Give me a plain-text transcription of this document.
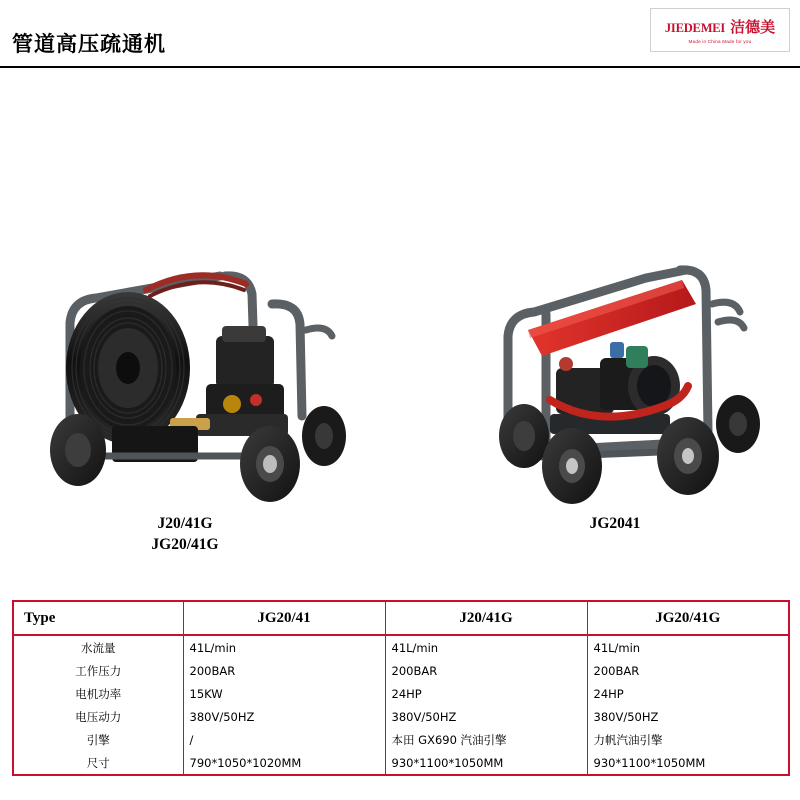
管道高压疏通机
JIEDEMEI 洁德美
Made in China Made for you
J20/41G
JG20/41G
JG2041
Type	JG20/41	J20/41G	JG20/41G
水流量	41L/min	41L/min	41L/min
工作压力	200BAR	200BAR	200BAR
电机功率	15KW	24HP	24HP
电压动力	380V/50HZ	380V/50HZ	380V/50HZ
引擎	/	本田 GX690 汽油引擎	力帆汽油引擎
尺寸	790*1050*1020MM	930*1100*1050MM	930*1100*1050MM
